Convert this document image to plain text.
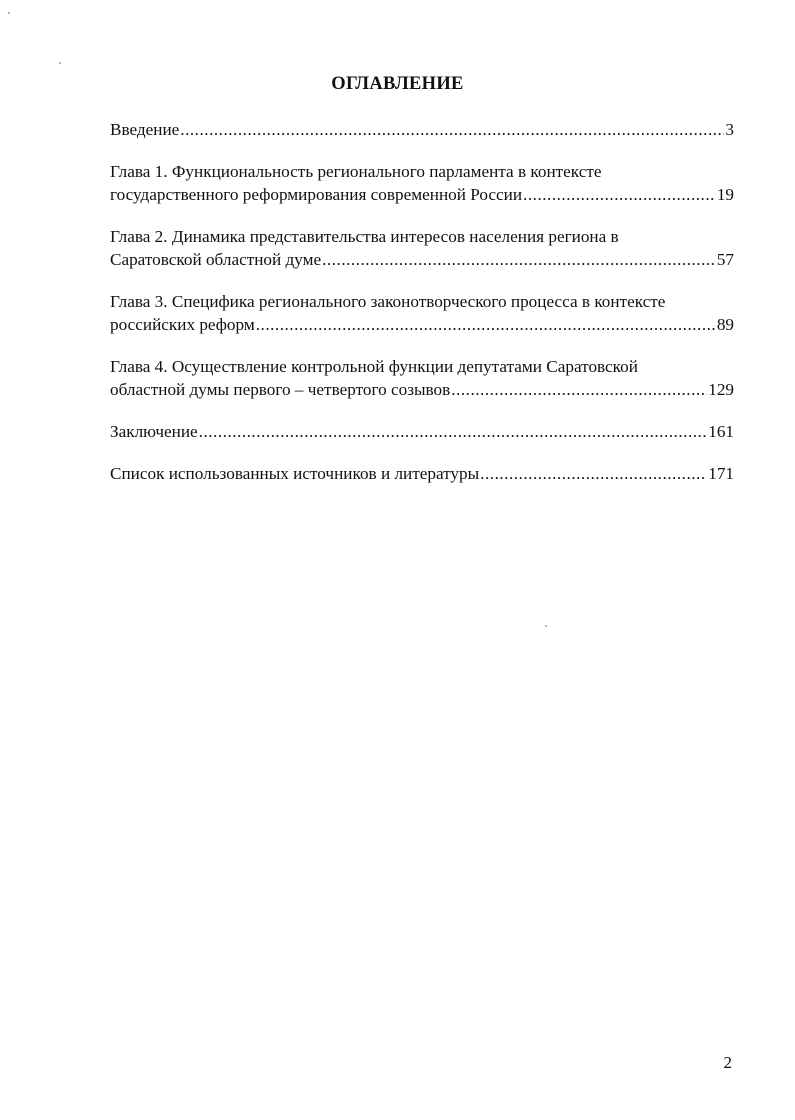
ОГЛАВЛЕНИЕ
Введение .....	3
Глава 1. Функциональность регионального парламента в контексте
государственного реформирования современной России .....	19
Глава 2. Динамика представительства интересов населения региона в
Саратовской областной думе .....	57
Глава 3. Специфика регионального законотворческого процесса в контексте
российских реформ .....	89
Глава 4. Осуществление контрольной функции депутатами Саратовской
областной думы первого – четвертого созывов .....	129
Заключение .....	161
Список использованных источников и литературы .....	171
2
